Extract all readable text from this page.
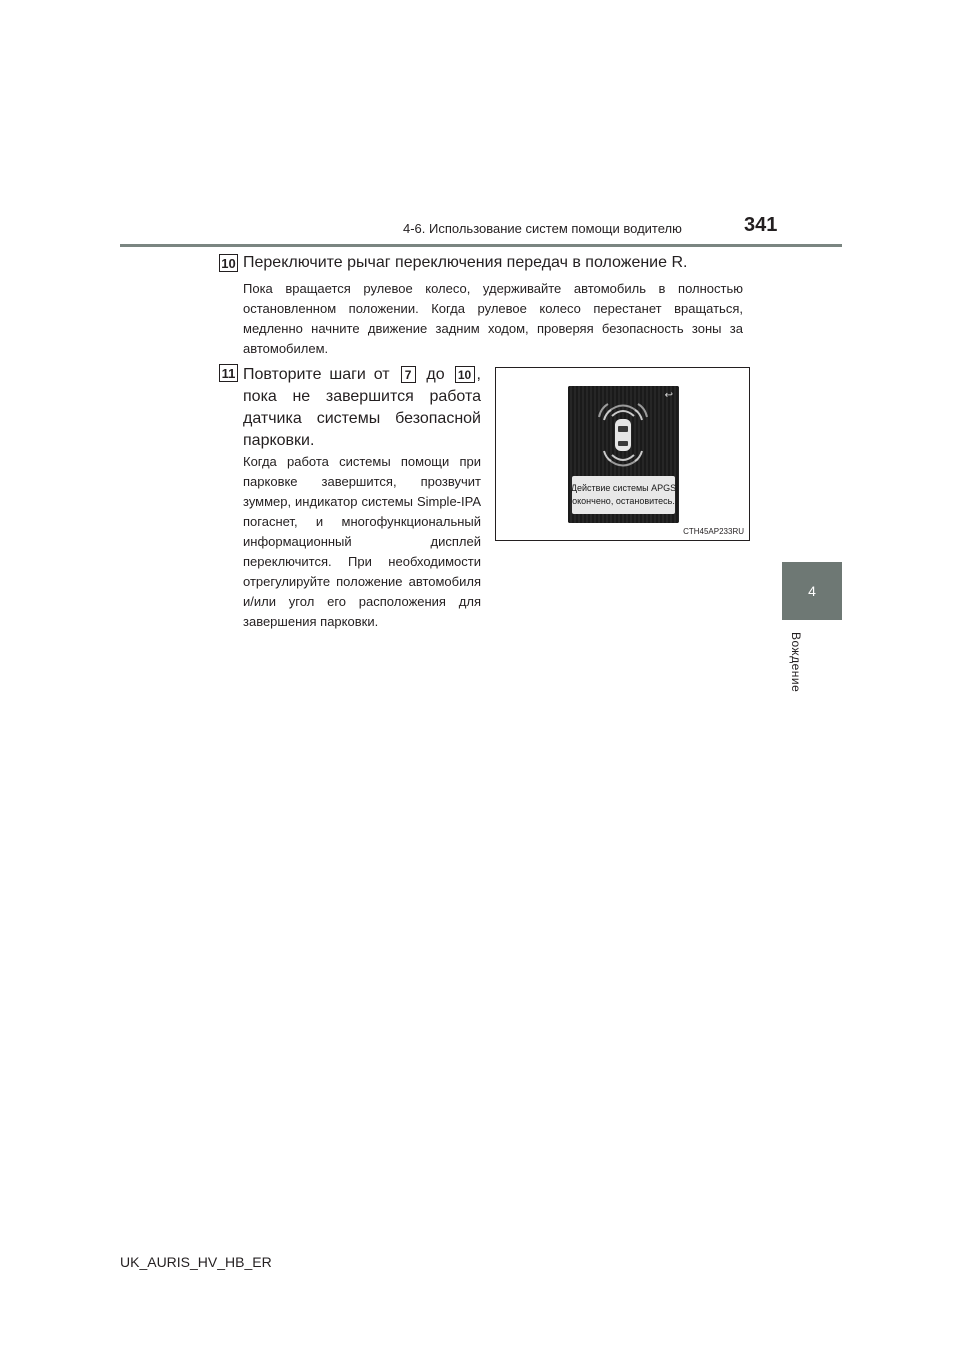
4-6. Использование систем помощи водителю	341
4
Вождение
10 Переключите рычаг переключения передач в положение R.
Пока вращается рулевое колесо, удерживайте автомобиль в полностью остановленном положении. Когда рулевое колесо перестанет вращаться, медленно начните движение задним ходом, проверяя безопасность зоны за автомобилем.
11 Повторите шаги от 7 до 10 , пока не завершится работа датчика системы безопасной парковки.
Когда работа системы помощи при парковке завершится, прозвучит зуммер, индикатор системы Simple-IPA погаснет, и многофункциональный информационный дисплей переключится. При необходимости отрегулируйте положение автомобиля и/или угол его расположения для завершения парковки.
↩
Действие системы APGS
окончено, остановитесь.
CTH45AP233RU
UK_AURIS_HV_HB_ER
